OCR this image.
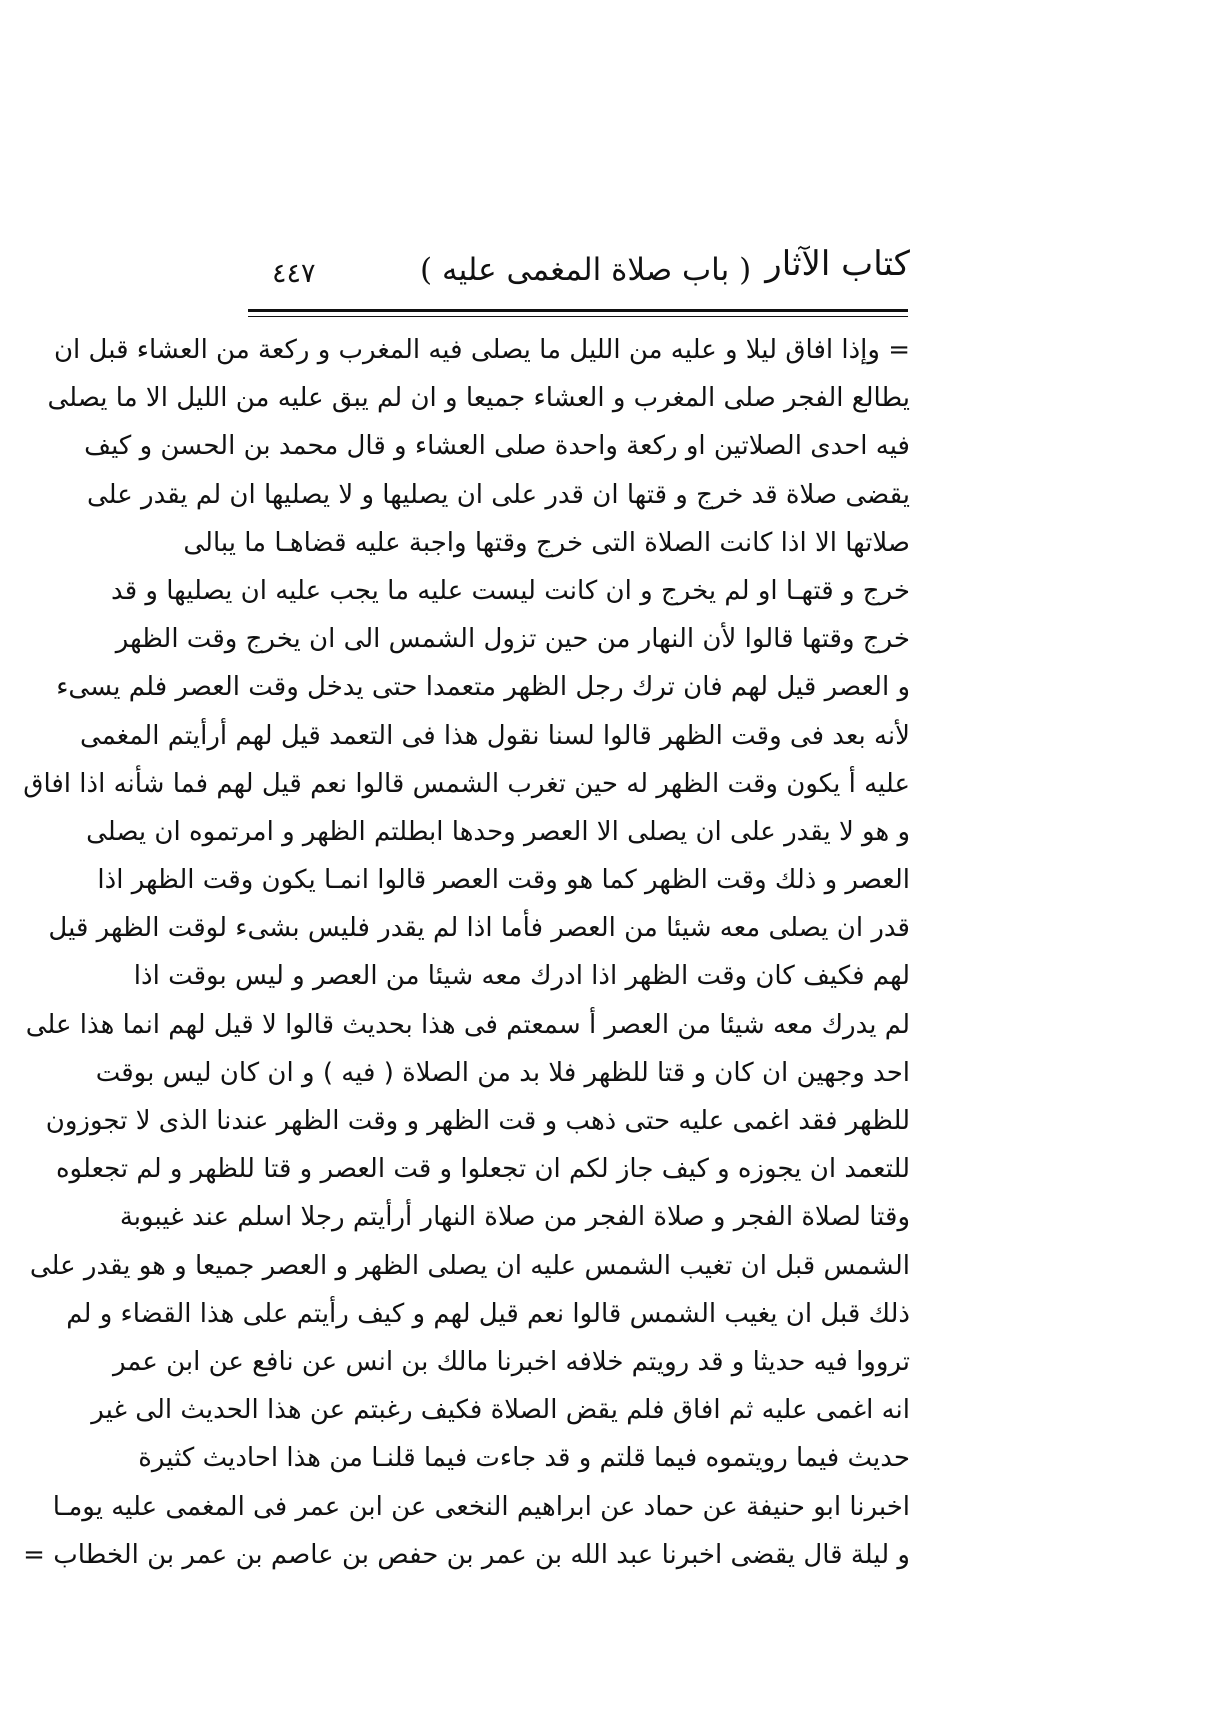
كتاب الآثار
( باب صلاة المغمى عليه )
٤٤٧
= وإذا افاق ليلا و عليه من الليل ما يصلى فيه المغرب و ركعة من العشاء قبل ان
يطالع الفجر صلى المغرب و العشاء جميعا و ان لم يبق عليه من الليل الا ما يصلى
فيه احدى الصلاتين او ركعة واحدة صلى العشاء و قال محمد بن الحسن و كيف
يقضى صلاة قد خرج و قتها ان قدر على ان يصليها و لا يصليها ان لم يقدر على
صلاتها الا اذا كانت الصلاة التى خرج وقتها واجبة عليه قضاهـا ما يبالى
خرج و قتهـا او لم يخرج و ان كانت ليست عليه ما يجب عليه ان يصليها و قد
خرج وقتها قالوا لأن النهار من حين تزول الشمس الى ان يخرج وقت الظهر
و العصر قيل لهم فان ترك رجل الظهر متعمدا حتى يدخل وقت العصر فلم يسىء
لأنه بعد فى وقت الظهر قالوا لسنا نقول هذا فى التعمد قيل لهم أرأيتم المغمى
عليه أ يكون وقت الظهر له حين تغرب الشمس قالوا نعم قيل لهم فما شأنه اذا افاق
و هو لا يقدر على ان يصلى الا العصر وحدها ابطلتم الظهر و امرتموه ان يصلى
العصر و ذلك وقت الظهر كما هو وقت العصر قالوا انمـا يكون وقت الظهر اذا
قدر ان يصلى معه شيئا من العصر فأما اذا لم يقدر فليس بشىء لوقت الظهر قيل
لهم فكيف كان وقت الظهر اذا ادرك معه شيئا من العصر و ليس بوقت اذا
لم يدرك معه شيئا من العصر أ سمعتم فى هذا بحديث قالوا لا قيل لهم انما هذا على
احد وجهين ان كان و قتا للظهر فلا بد من الصلاة ( فيه ) و ان كان ليس بوقت
للظهر فقد اغمى عليه حتى ذهب و قت الظهر و وقت الظهر عندنا الذى لا تجوزون
للتعمد ان يجوزه و كيف جاز لكم ان تجعلوا و قت العصر و قتا للظهر و لم تجعلوه
وقتا لصلاة الفجر و صلاة الفجر من صلاة النهار أرأيتم رجلا اسلم عند غيبوبة
الشمس قبل ان تغيب الشمس عليه ان يصلى الظهر و العصر جميعا و هو يقدر على
ذلك قبل ان يغيب الشمس قالوا نعم قيل لهم و كيف رأيتم على هذا القضاء و لم
ترووا فيه حديثا و قد رويتم خلافه اخبرنا مالك بن انس عن نافع عن ابن عمر
انه اغمى عليه ثم افاق فلم يقض الصلاة فكيف رغبتم عن هذا الحديث الى غير
حديث فيما رويتموه فيما قلتم و قد جاءت فيما قلنـا من هذا احاديث كثيرة
اخبرنا ابو حنيفة عن حماد عن ابراهيم النخعى عن ابن عمر فى المغمى عليه يومـا
و ليلة قال يقضى اخبرنا عبد الله بن عمر بن حفص بن عاصم بن عمر بن الخطاب =
